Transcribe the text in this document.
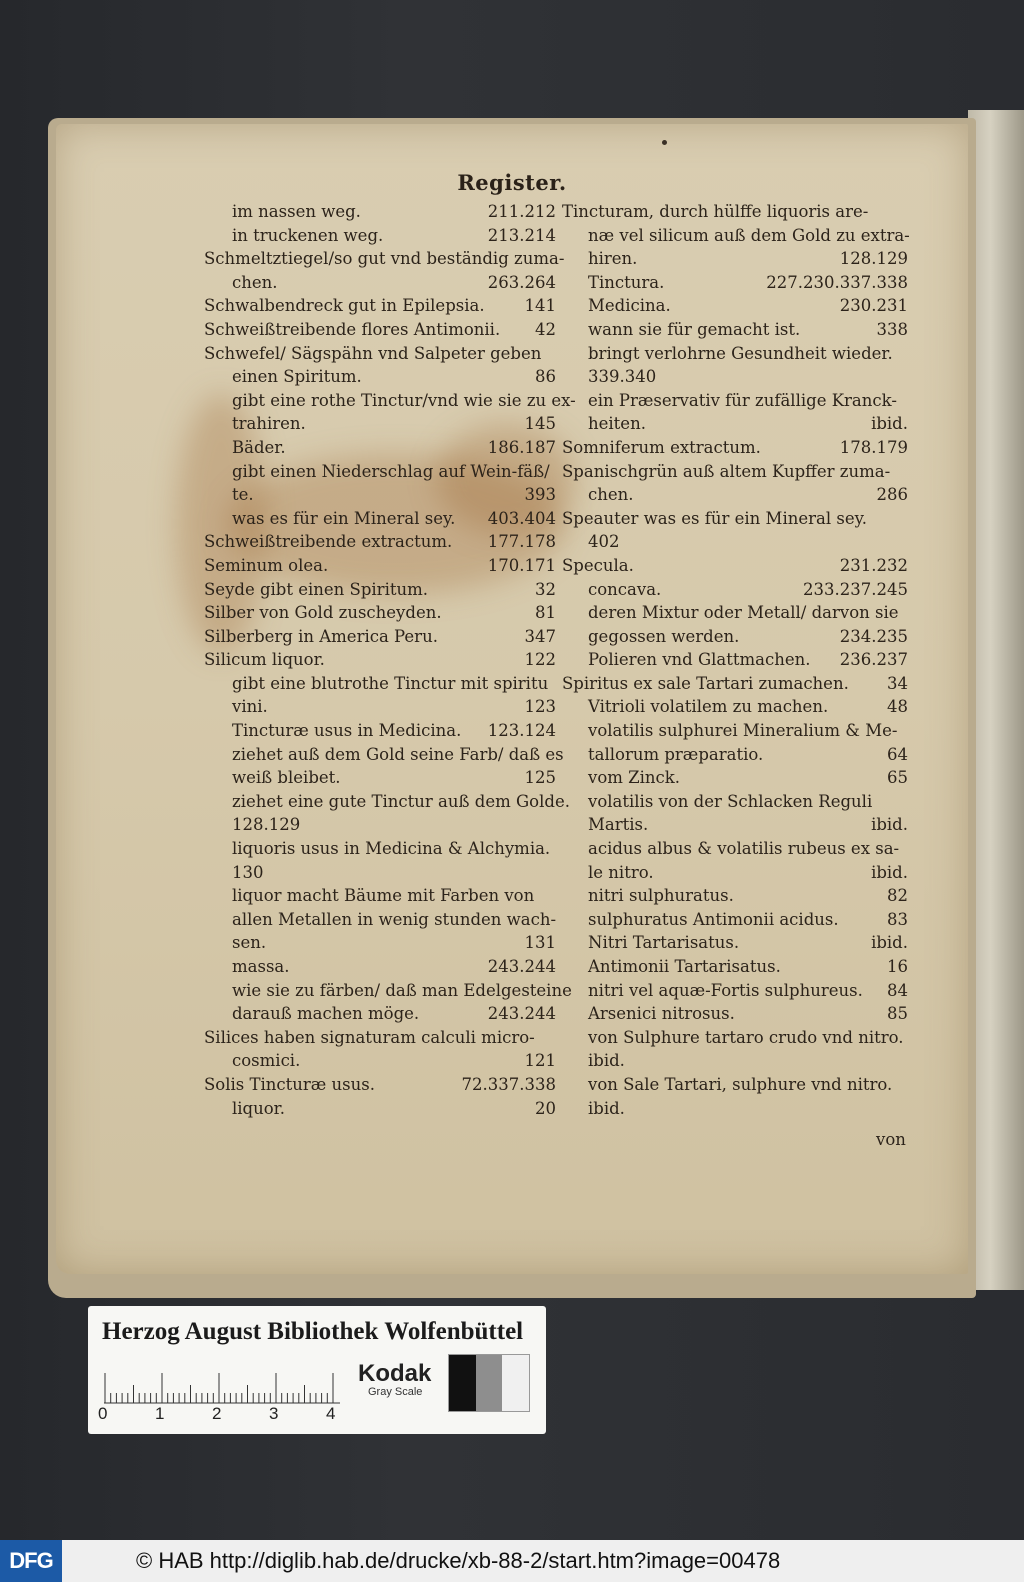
Register.
im nassen weg.	211.212
in truckenen weg.	213.214
Schmeltztiegel/so gut vnd beständig zuma-
chen.	263.264
Schwalbendreck gut in Epilepsia. 141
Schweißtreibende flores Antimonii. 42
Schwefel/ Sägspähn vnd Salpeter geben
einen Spiritum.	86
gibt eine rothe Tinctur/vnd wie sie zu ex-
trahiren.	145
Bäder.	186.187
gibt einen Niederschlag auf Wein-fäß/
te.	393
was es für ein Mineral sey. 403.404
Schweißtreibende extractum. 177.178
Seminum olea.	170.171
Seyde gibt einen Spiritum.	32
Silber von Gold zuscheyden.	81
Silberberg in America Peru.	347
Silicum liquor.	122
gibt eine blutrothe Tinctur mit spiritu
vini.	123
Tincturæ usus in Medicina. 123.124
ziehet auß dem Gold seine Farb/ daß es
weiß bleibet.	125
ziehet eine gute Tinctur auß dem Golde.
128.129
liquoris usus in Medicina & Alchymia.
130
liquor macht Bäume mit Farben von
allen Metallen in wenig stunden wach-
sen.	131
massa.	243.244
wie sie zu färben/ daß man Edelgesteine
darauß machen möge.	243.244
Silices haben signaturam calculi micro-
cosmici.	121
Solis Tincturæ usus.	72.337.338
liquor.	20
Tincturam, durch hülffe liquoris are-
næ vel silicum auß dem Gold zu extra-
hiren.	128.129
Tinctura.	227.230.337.338
Medicina.	230.231
wann sie für gemacht ist.	338
bringt verlohrne Gesundheit wieder.
339.340
ein Præservativ für zufällige Kranck-
heiten.	ibid.
Somniferum extractum.	178.179
Spanischgrün auß altem Kupffer zuma-
chen.	286
Speauter was es für ein Mineral sey.
402
Specula.	231.232
concava.	233.237.245
deren Mixtur oder Metall/ darvon sie
gegossen werden.	234.235
Polieren vnd Glattmachen. 236.237
Spiritus ex sale Tartari zumachen. 34
Vitrioli volatilem zu machen.	48
volatilis sulphurei Mineralium & Me-
tallorum præparatio.	64
vom Zinck.	65
volatilis von der Schlacken Reguli
Martis.	ibid.
acidus albus & volatilis rubeus ex sa-
le nitro.	ibid.
nitri sulphuratus.	82
sulphuratus Antimonii acidus.	83
Nitri Tartarisatus.	ibid.
Antimonii Tartarisatus.	16
nitri vel aquæ-Fortis sulphureus. 84
Arsenici nitrosus.	85
von Sulphure tartaro crudo vnd nitro.
ibid.
von Sale Tartari, sulphure vnd nitro.
ibid.
von
Herzog August Bibliothek Wolfenbüttel
0	1	2	3	4
Kodak
Gray Scale
DFG	© HAB http://diglib.hab.de/drucke/xb-88-2/start.htm?image=00478
